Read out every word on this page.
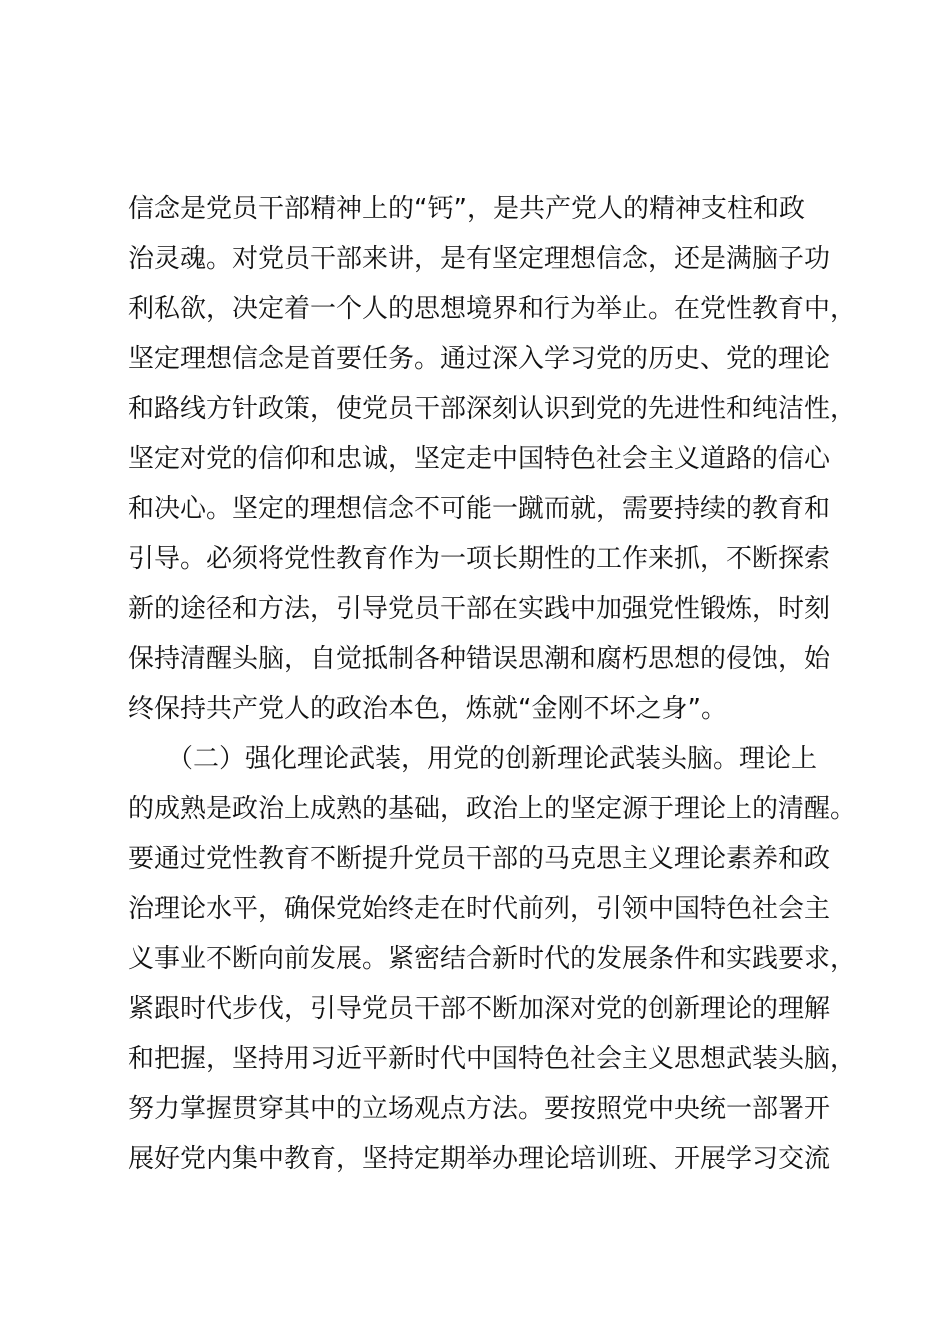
信念是党员干部精神上的“钙”，是共产党人的精神支柱和政
治灵魂。对党员干部来讲，是有坚定理想信念，还是满脑子功
利私欲，决定着一个人的思想境界和行为举止。在党性教育中，
坚定理想信念是首要任务。通过深入学习党的历史、党的理论
和路线方针政策，使党员干部深刻认识到党的先进性和纯洁性，
坚定对党的信仰和忠诚，坚定走中国特色社会主义道路的信心
和决心。坚定的理想信念不可能一蹴而就，需要持续的教育和
引导。必须将党性教育作为一项长期性的工作来抓，不断探索
新的途径和方法，引导党员干部在实践中加强党性锻炼，时刻
保持清醒头脑，自觉抵制各种错误思潮和腐朽思想的侵蚀，始
终保持共产党人的政治本色，炼就“金刚不坏之身”。
　　（二）强化理论武装，用党的创新理论武装头脑。理论上
的成熟是政治上成熟的基础，政治上的坚定源于理论上的清醒。
要通过党性教育不断提升党员干部的马克思主义理论素养和政
治理论水平，确保党始终走在时代前列，引领中国特色社会主
义事业不断向前发展。紧密结合新时代的发展条件和实践要求，
紧跟时代步伐，引导党员干部不断加深对党的创新理论的理解
和把握，坚持用习近平新时代中国特色社会主义思想武装头脑，
努力掌握贯穿其中的立场观点方法。要按照党中央统一部署开
展好党内集中教育，坚持定期举办理论培训班、开展学习交流
